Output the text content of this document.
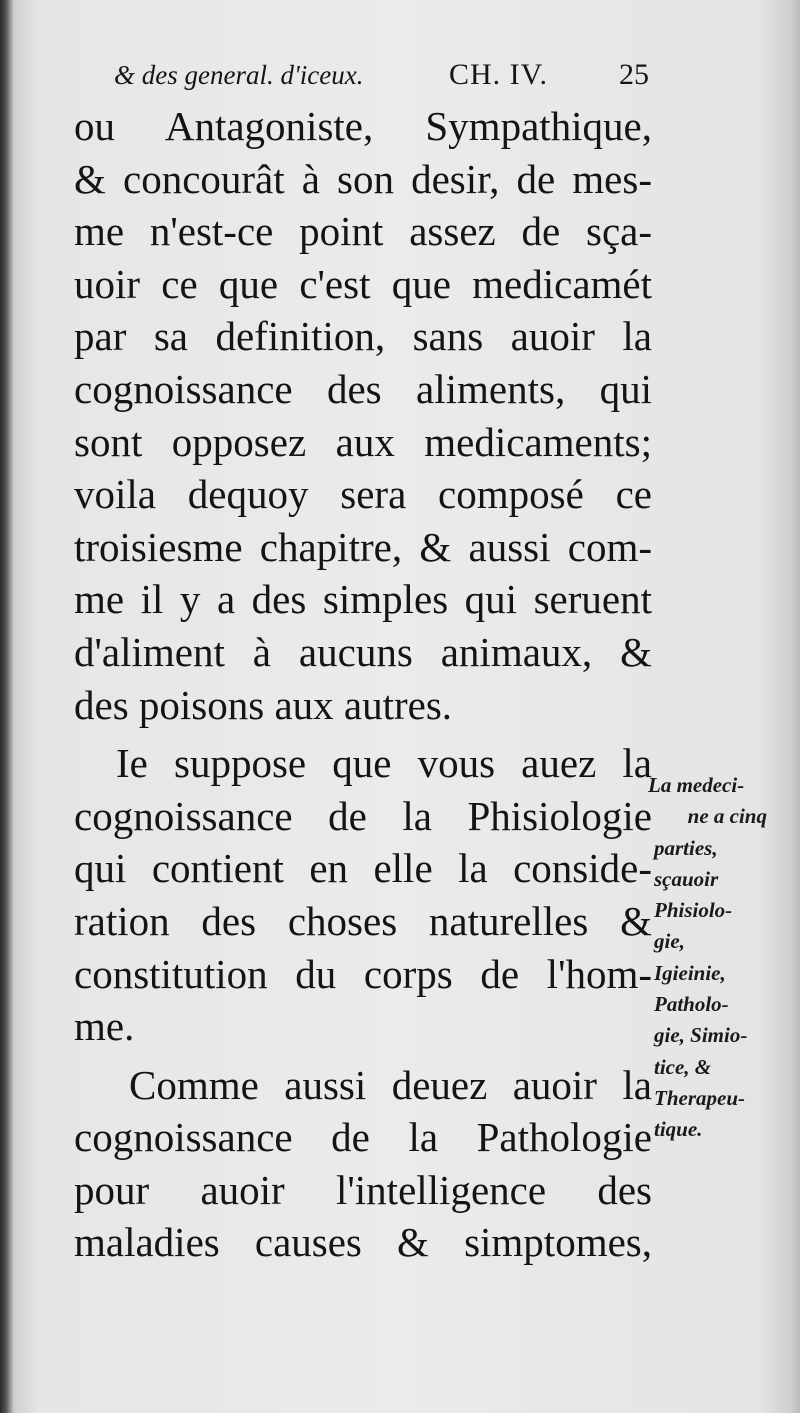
& des general. d'iceux.	CH. IV. 25
ou Antagoniste, Sympathique,
& concourât à son desir, de mes-
me n'est-ce point assez de sça-
uoir ce que c'est que medicamét
par sa definition, sans auoir la
cognoissance des aliments, qui
sont opposez aux medicaments;
voila dequoy sera composé ce
troisiesme chapitre, & aussi com-
me il y a des simples qui seruent
d'aliment à aucuns animaux, &
des poisons aux autres.
Ie suppose que vous auez la
cognoissance de la Phisiologie
qui contient en elle la conside-
ration des choses naturelles &
constitution du corps de l'hom-
me.
Comme aussi deuez auoir la
cognoissance de la Pathologie
pour auoir l'intelligence des
maladies causes & simptomes,
La medeci-
ne a cinq
parties,
sçauoir
Phisiolo-
gie,
Igieinie,
Patholo-
gie, Simio-
tice, &
Therapeu-
tique.
